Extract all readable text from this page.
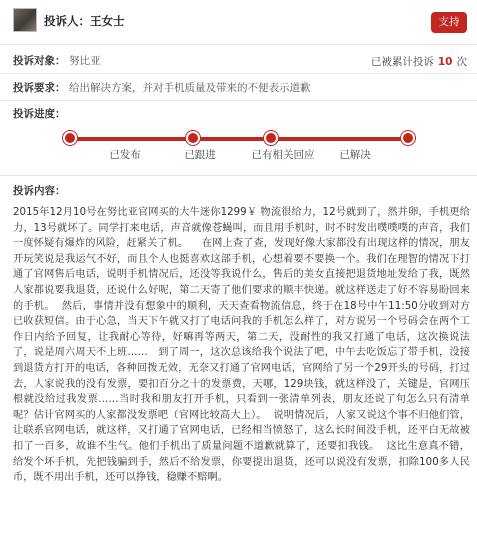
投诉人：王女士	支持
投诉对象： 努比亚	已被累计投诉 10 次
投诉要求： 给出解决方案，并对手机质量及带来的不便表示道歉
投诉进度：
已发布	已跟进	已有相关回应 已解决
投诉内容：
2015年12月10号在努比亚官网买的大牛迷你1299￥ 物流很给力，12号就到了，然并卵，手机更给力，13号就坏了。同学打来电话，声音就像苍蝇叫，而且用手机时，时不时发出噗噗噗的声音，我们一度怀疑有爆炸的风险，赶紧关了机。    在网上查了查，发现好像大家都没有出现这样的情况，朋友开玩笑说是我运气不好，而且个人也挺喜欢这部手机，心想着要不要换一个。我们在理智的情况下打通了官网售后电话，说明手机情况后，还没等我说什么，售后的美女直接把退货地址发给了我，既然人家都说要我退货，还说什么好呢，第二天寄了他们要求的顺丰快递。就这样送走了好不容易盼回来的手机。  然后，事情并没有想象中的顺利，天天查看物流信息，终于在18号中午11:50分收到对方已收获短信。由于心急，当天下午就又打了电话问我的手机怎么样了，对方说另一个号码会在两个工作日内给予回复，让我耐心等待，好嘛再等两天，第二天，没耐性的我又打通了电话，这次换说法了，说是周六周天不上班……   到了周一，这次总该给我个说法了吧，中午去吃饭忘了带手机，没接到退货方打开的电话，各种回拨无效，无奈又打通了官网电话，官网给了另一个29开头的号码，打过去，人家说我的没有发票，要扣百分之十的发票费，天哪，129块钱，就这样没了，关键是，官网压根就没给过我发票……当时我和朋友打开手机，只看到一张清单列表，朋友还说了句怎么只有清单呢？估计官网买的人家都没发票吧（官网比较高大上）。  说明情况后，人家又说这个事不归他们管，让联系官网电话，就这样，又打通了官网电话，已经相当愤怒了，这么长时间没手机，还平白无故被扣了一百多，故谁不生气。他们手机出了质量问题不道歉就算了，还要扣我钱。  这比生意真不错，给发个坏手机，先把钱骗到手，然后不给发票，你要提出退货，还可以说没有发票，扣除100多人民币，既不用出手机，还可以挣钱，稳赚不赔啊。
